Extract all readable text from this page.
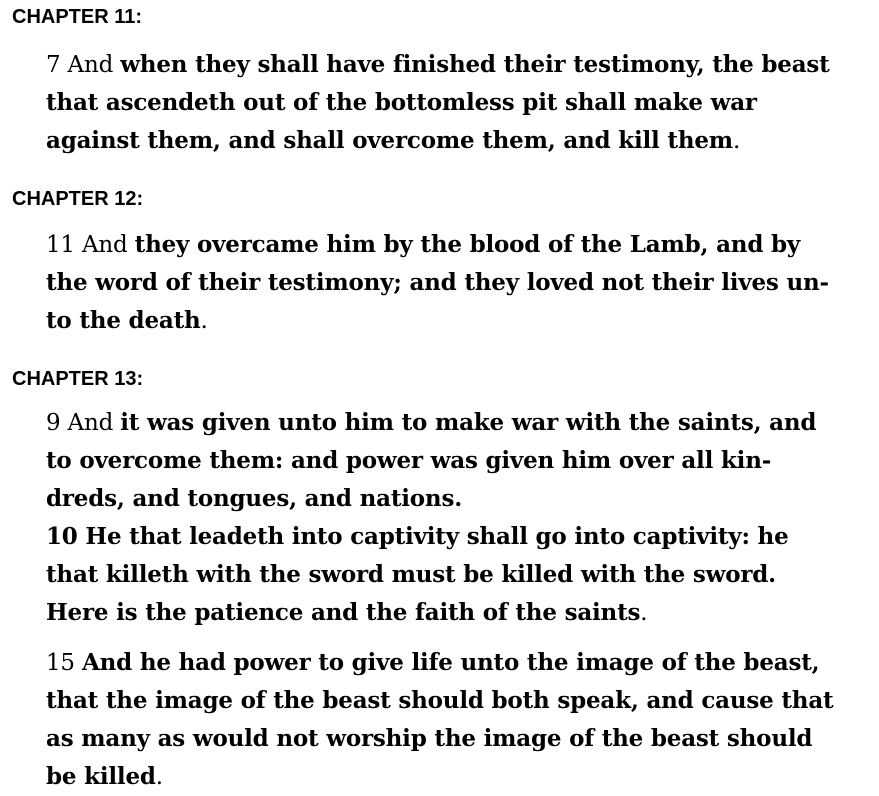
CHAPTER 11:

7 And when they shall have finished their testimony, the beast
that ascendeth out of the bottomless pit shall make war
against them, and shall overcome them, and kill them.

CHAPTER 12:

11 And they overcame him by the blood of the Lamb, and by
the word of their testimony; and they loved not their lives un-
to the death.

CHAPTER 13:

9 And it was given unto him to make war with the saints, and
to overcome them: and power was given him over all kin-
dreds, and tongues, and nations.
10 He that leadeth into captivity shall go into captivity: he
that killeth with the sword must be killed with the sword.
Here is the patience and the faith of the saints.

15 And he had power to give life unto the image of the beast,
that the image of the beast should both speak, and cause that
as many as would not worship the image of the beast should
be killed.
